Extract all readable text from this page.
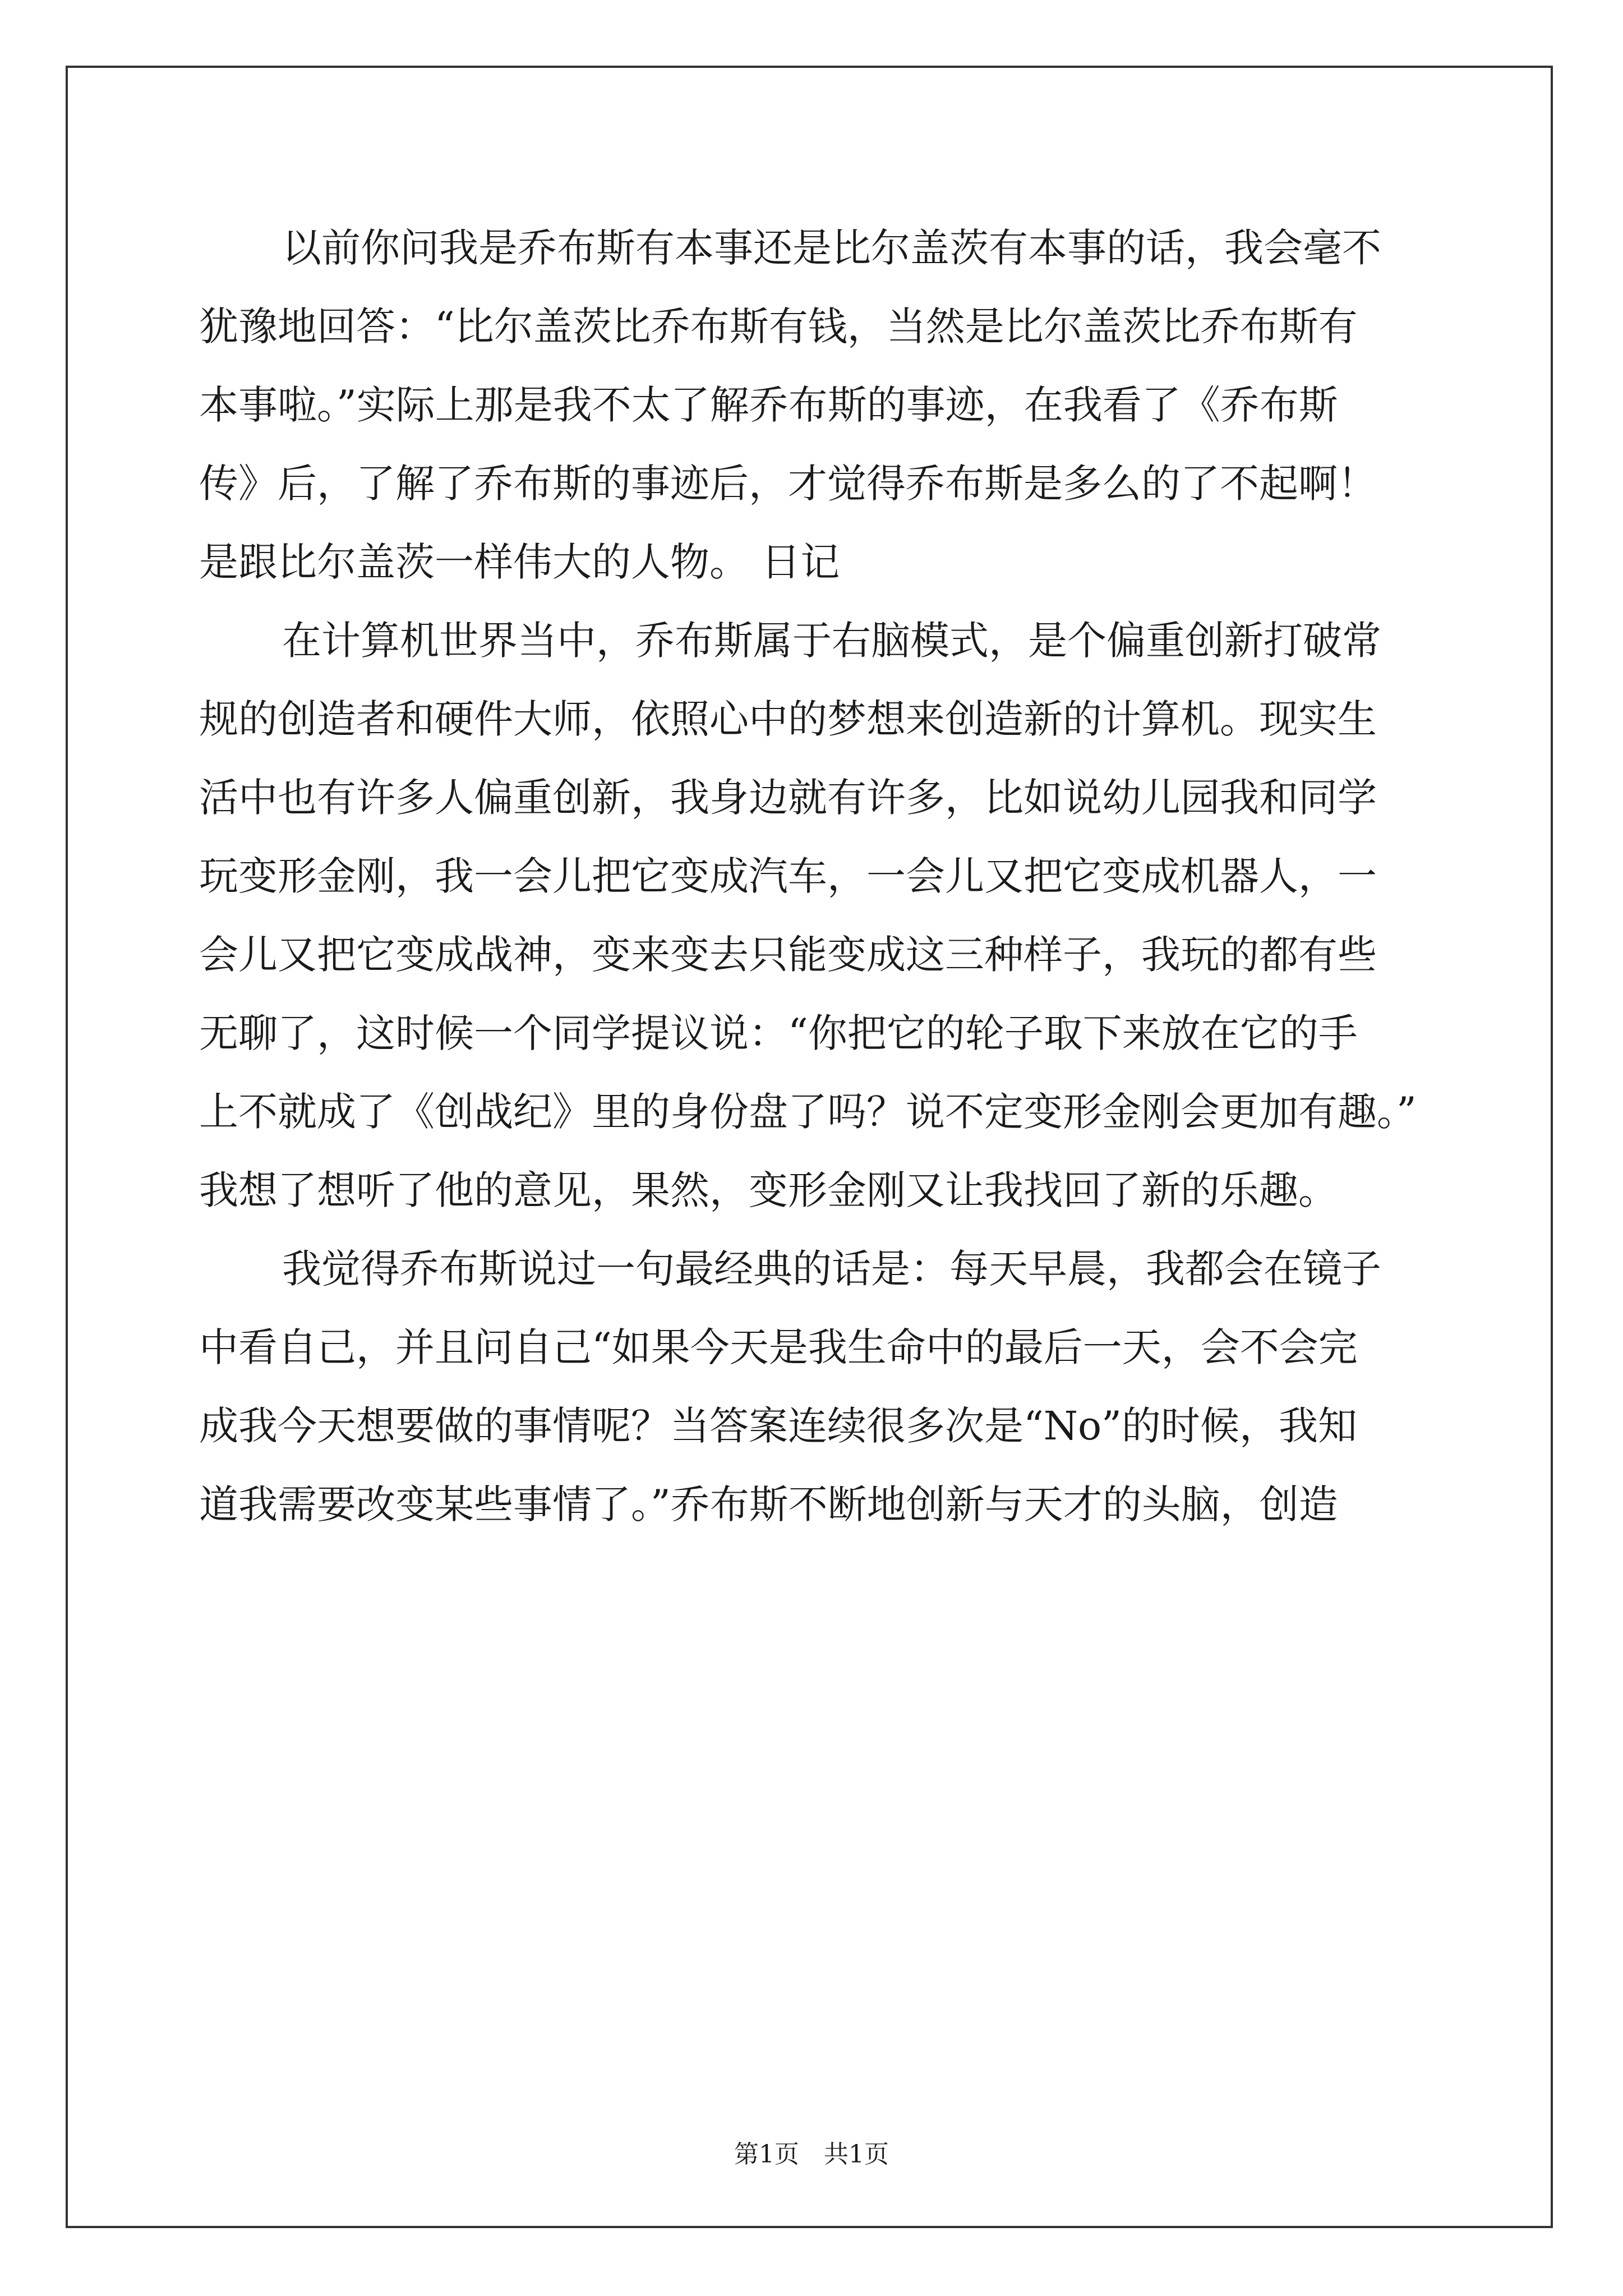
以前你问我是乔布斯有本事还是比尔盖茨有本事的话，我会毫不
犹豫地回答：“比尔盖茨比乔布斯有钱，当然是比尔盖茨比乔布斯有
本事啦。”实际上那是我不太了解乔布斯的事迹，在我看了《乔布斯
传》后，了解了乔布斯的事迹后，才觉得乔布斯是多么的了不起啊！
是跟比尔盖茨一样伟大的人物。 日记
在计算机世界当中，乔布斯属于右脑模式，是个偏重创新打破常
规的创造者和硬件大师，依照心中的梦想来创造新的计算机。现实生
活中也有许多人偏重创新，我身边就有许多，比如说幼儿园我和同学
玩变形金刚，我一会儿把它变成汽车，一会儿又把它变成机器人，一
会儿又把它变成战神，变来变去只能变成这三种样子，我玩的都有些
无聊了，这时候一个同学提议说：“你把它的轮子取下来放在它的手
上不就成了《创战纪》里的身份盘了吗？说不定变形金刚会更加有趣。”
我想了想听了他的意见，果然，变形金刚又让我找回了新的乐趣。
我觉得乔布斯说过一句最经典的话是：每天早晨，我都会在镜子
中看自己，并且问自己“如果今天是我生命中的最后一天，会不会完
成我今天想要做的事情呢？当答案连续很多次是“No”的时候，我知
道我需要改变某些事情了。”乔布斯不断地创新与天才的头脑，创造
第1页　共1页
